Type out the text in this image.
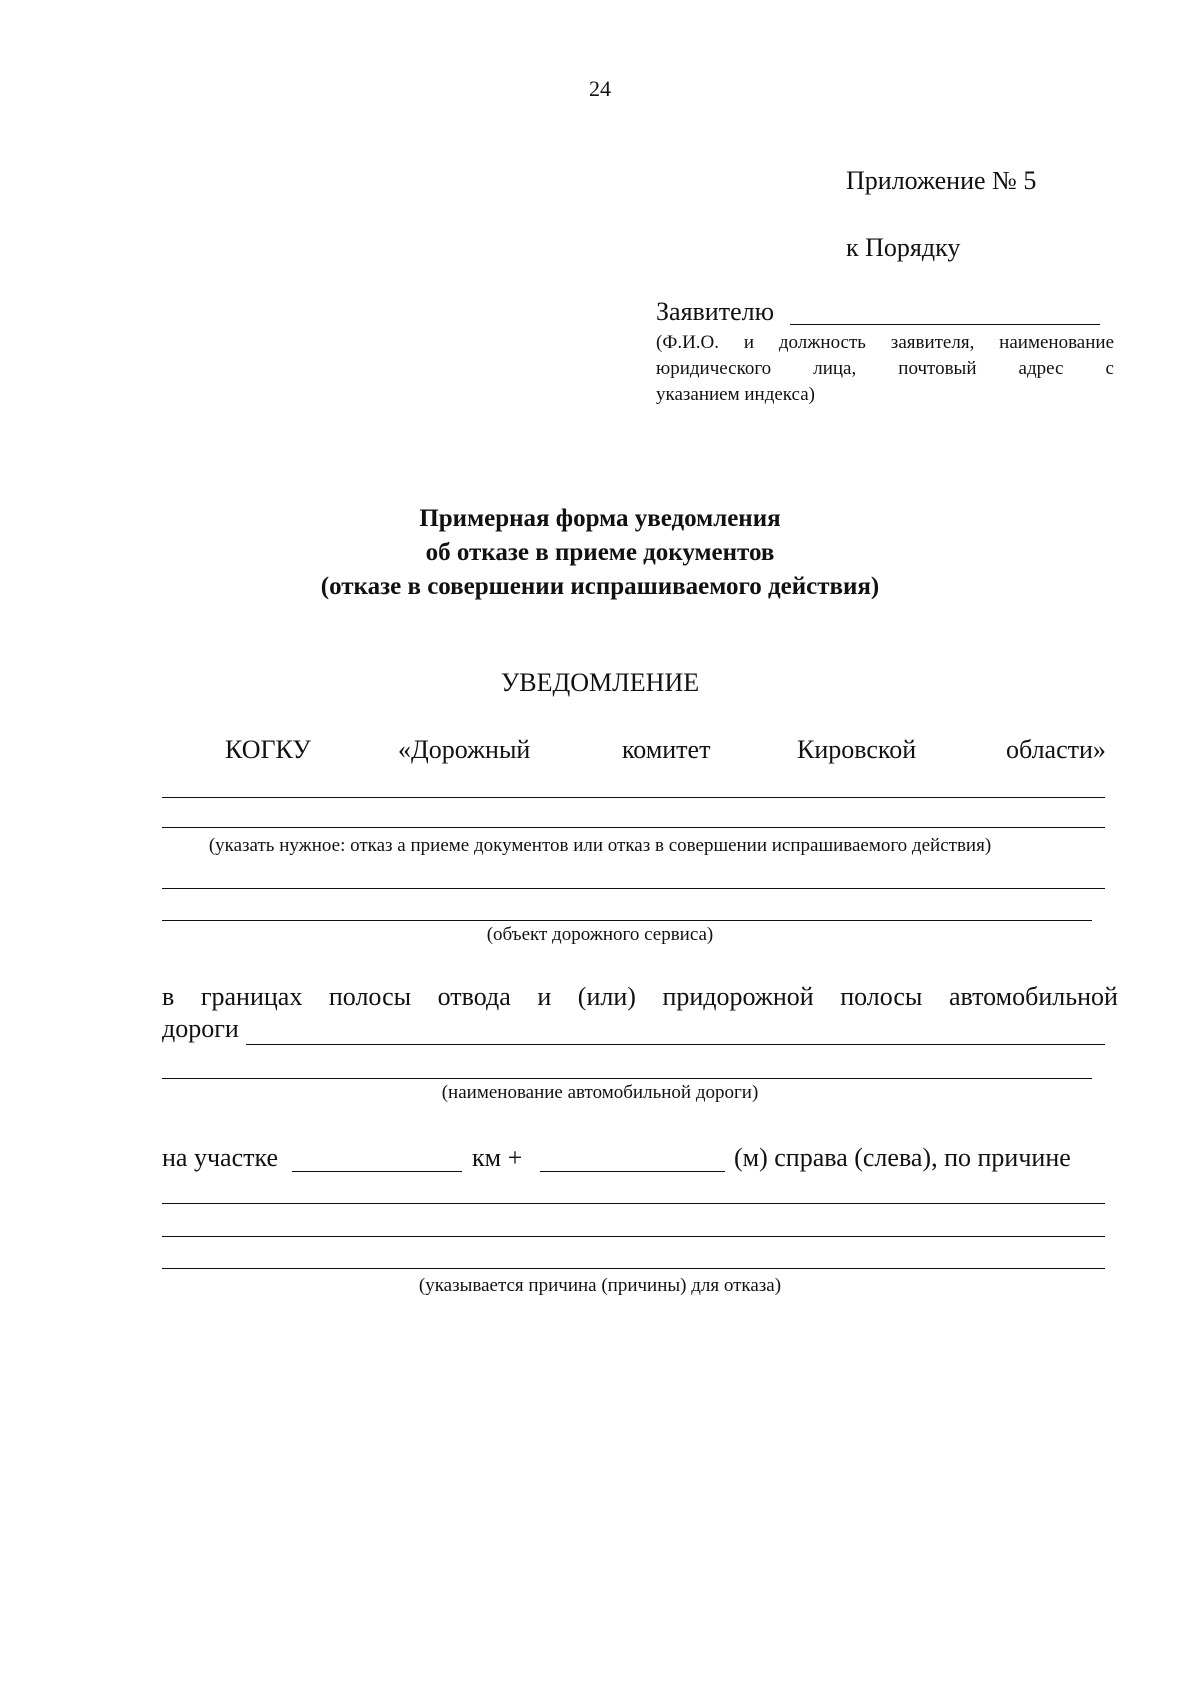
24
Приложение № 5
к Порядку
Заявителю
(Ф.И.О. и должность заявителя, наименование
юридического лица, почтовый адрес с
указанием индекса)
Примерная форма уведомления
об отказе в приеме документов
(отказе в совершении испрашиваемого действия)
УВЕДОМЛЕНИЕ
КОГКУ	«Дорожный	комитет	Кировской	области»
(указать нужное: отказ а приеме документов или отказ в совершении испрашиваемого действия)
(объект дорожного сервиса)
в границах полосы отвода и (или) придорожной полосы автомобильной
дороги
(наименование автомобильной дороги)
на участке	км +	(м) справа (слева), по причине
(указывается причина (причины) для отказа)
